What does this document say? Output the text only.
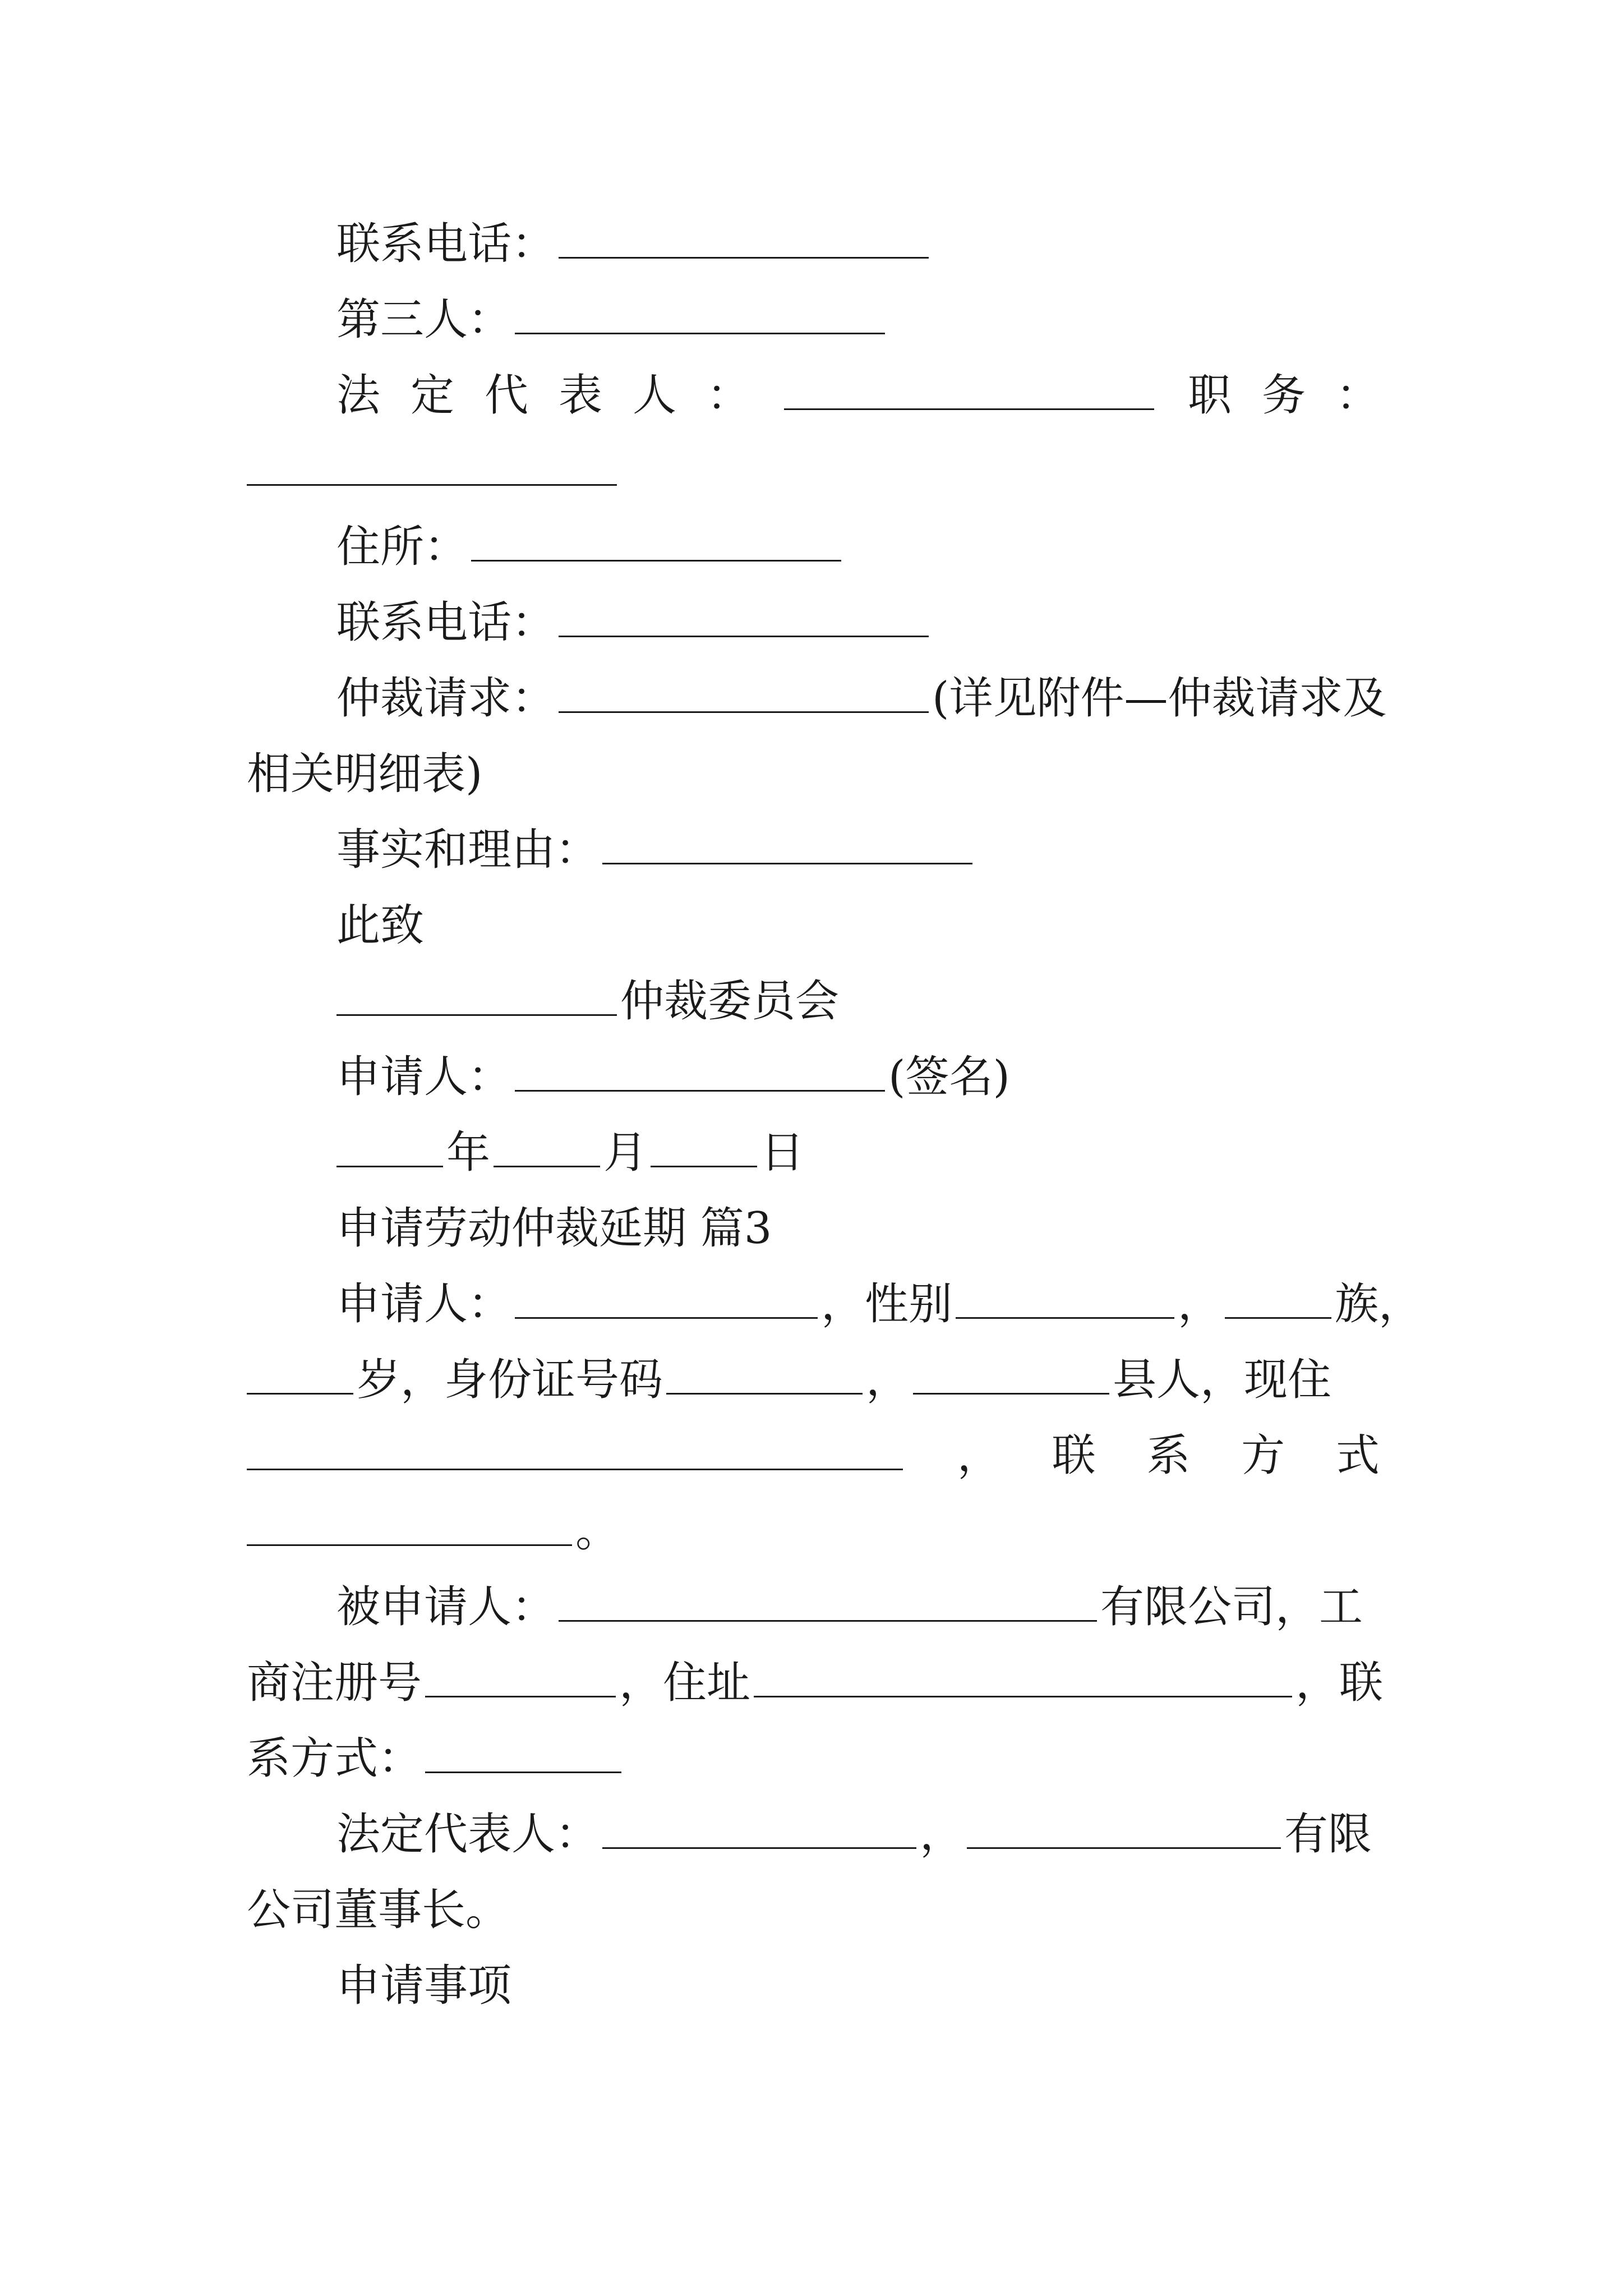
联系电话：
第三人：
法 定 代 表 人 ：	职 务 ：
住所：
联系电话：
仲裁请求：	(详见附件—仲裁请求及
相关明细表)
事实和理由：
此致
仲裁委员会
申请人：	(签名)
年	月	日
申请劳动仲裁延期 篇3
申请人：	，性别	，	族，
岁，身份证号码	，	县人，现住
， 联 系 方 式
。
被申请人：	有限公司，工
商注册号	，住址	，联
系方式：
法定代表人：	，	有限
公司董事长。
申请事项
